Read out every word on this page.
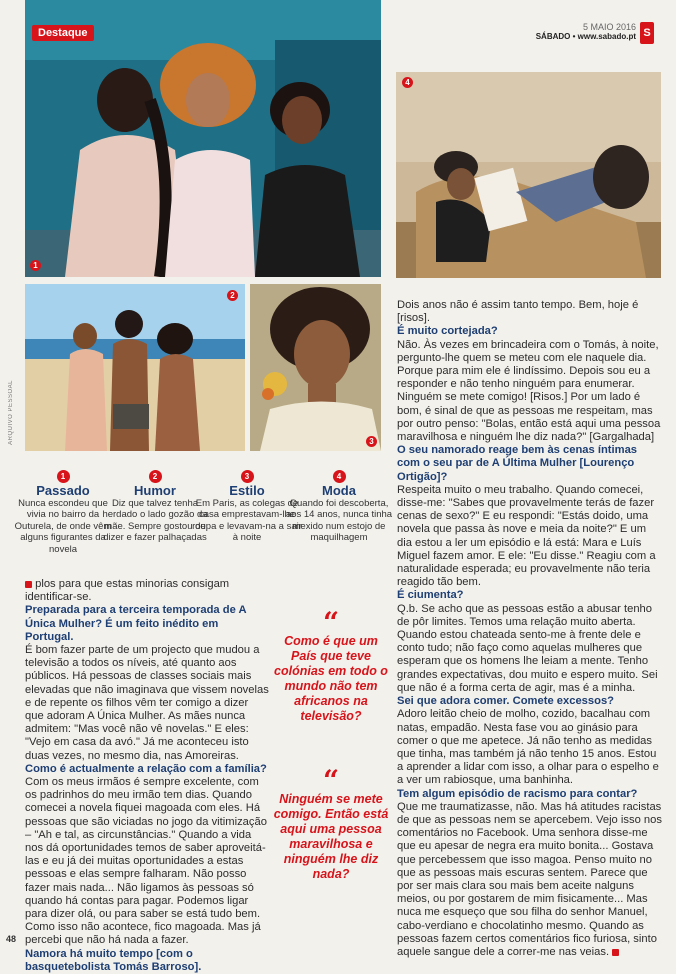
5 MAIO 2016
SÁBADO • www.sabado.pt S
Destaque
1
4
2
ARQUIVO PESSOAL	3
1
Passado
Nunca escondeu que vivia no bairro da Outurela, de onde vêm alguns figurantes da novela
2
Humor
Diz que talvez tenha herdado o lado gozão da mãe. Sempre gostou de dizer e fazer palhaçadas
3
Estilo
Em Paris, as colegas de casa emprestavam-lhe roupa e levavam-na a sair à noite
4
Moda
Quando foi descoberta, aos 14 anos, nunca tinha mexido num estojo de maquilhagem

plos para que estas minorias consigam identificar-se.

Preparada para a terceira temporada de A Única Mulher? É um feito inédito em Portugal.

É bom fazer parte de um projecto que mudou a televisão a todos os níveis, até quanto aos públicos. Há pessoas de classes sociais mais elevadas que não imaginava que vissem novelas e de repente os filhos vêm ter comigo a dizer que adoram A Única Mulher. As mães nunca admitem: "Mas você não vê novelas." E eles: "Vejo em casa da avó." Já me aconteceu isto duas vezes, no mesmo dia, nas Amoreiras.

Como é actualmente a relação com a família?

Com os meus irmãos é sempre excelente, com os padrinhos do meu irmão tem dias. Quando comecei a novela fiquei magoada com eles. Há pessoas que são viciadas no jogo da vitimização – "Ah e tal, as circunstâncias." Quando a vida nos dá oportunidades temos de saber aproveitá-las e eu já dei muitas oportunidades a estas pessoas e elas sempre falharam. Não posso fazer mais nada... Não ligamos às pessoas só quando há contas para pagar. Podemos ligar para dizer olá, ou para saber se está tudo bem. Como isso não acontece, fico magoada. Mas já percebi que não há nada a fazer.

Namora há muito tempo [com o basquetebolista Tomás Barroso].

“
Como é que um País que teve colónias em todo o mundo não tem africanos na televisão?
“
Ninguém se mete comigo. Então está aqui uma pessoa maravilhosa e ninguém lhe diz nada?

Dois anos não é assim tanto tempo. Bem, hoje é [risos].

É muito cortejada?

Não. Às vezes em brincadeira com o Tomás, à noite, pergunto-lhe quem se meteu com ele naquele dia. Porque para mim ele é lindíssimo. Depois sou eu a responder e não tenho ninguém para enumerar. Ninguém se mete comigo! [Risos.] Por um lado é bom, é sinal de que as pessoas me respeitam, mas por outro penso: "Bolas, então está aqui uma pessoa maravilhosa e ninguém lhe diz nada?" [Gargalhada]

O seu namorado reage bem às cenas íntimas com o seu par de A Última Mulher [Lourenço Ortigão]?

Respeita muito o meu trabalho. Quando comecei, disse-me: "Sabes que provavelmente terás de fazer cenas de sexo?" E eu respondi: "Estás doido, uma novela que passa às nove e meia da noite?" E um dia estou a ler um episódio e lá está: Mara e Luís Miguel fazem amor. E ele: "Eu disse." Reagiu com a naturalidade esperada; eu provavelmente não teria reagido tão bem.

É ciumenta?

Q.b. Se acho que as pessoas estão a abusar tenho de pôr limites. Temos uma relação muito aberta. Quando estou chateada sento-me à frente dele e conto tudo; não faço como aquelas mulheres que esperam que os homens lhe leiam a mente. Tenho grandes expectativas, dou muito e espero muito. Sei que não é a forma certa de agir, mas é a minha.

Sei que adora comer. Comete excessos?

Adoro leitão cheio de molho, cozido, bacalhau com natas, empadão. Nesta fase vou ao ginásio para comer o que me apetece. Já não tenho as medidas que tinha, mas também já não tenho 15 anos. Estou a aprender a lidar com isso, a olhar para o espelho e a ver um rabiosque, uma banhinha.

Tem algum episódio de racismo para contar?

Que me traumatizasse, não. Mas há atitudes racistas de que as pessoas nem se apercebem. Vejo isso nos comentários no Facebook. Uma senhora disse-me que eu apesar de negra era muito bonita... Gostava que percebessem que isso magoa. Penso muito no que as pessoas mais escuras sentem. Parece que por ser mais clara sou mais bem aceite nalguns meios, ou por gostarem de mim fisicamente... Mas nuca me esqueço que sou filha do senhor Manuel, cabo-verdiano e chocolatinho mesmo. Quando as pessoas fazem certos comentários fico furiosa, sinto aquele sangue dele a correr-me nas veias.

48
